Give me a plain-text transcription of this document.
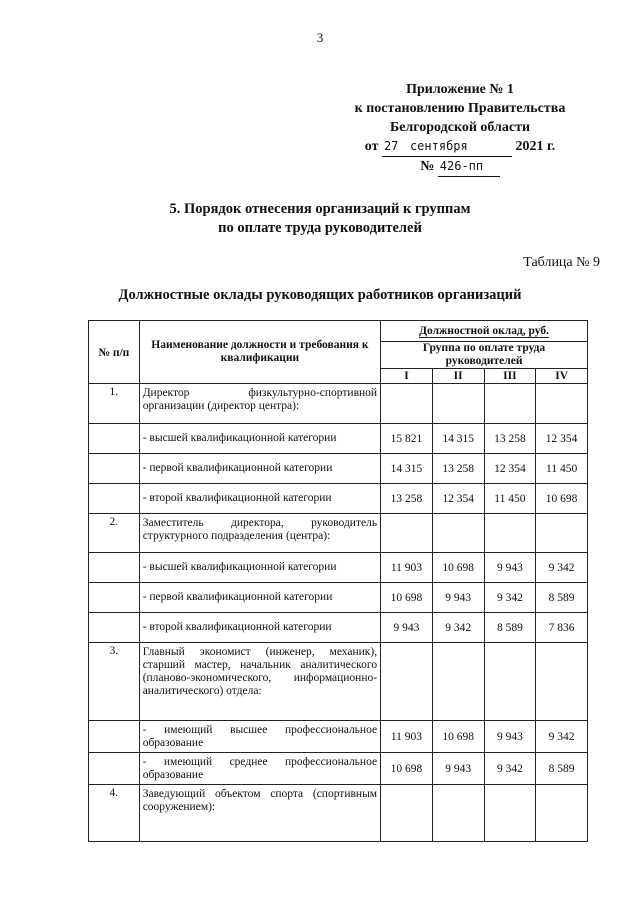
3
Приложение № 1
к постановлению Правительства
Белгородской области
от 27 сентября	2021 г.
№ 426-пп
5. Порядок отнесения организаций к группам
по оплате труда руководителей
Таблица № 9
Должностные оклады руководящих работников организаций
№ п/п	Наименование должности и требования к квалификации	Должностной оклад, руб.			
		Группа по оплате труда руководителей			
		I	II	III	IV
1.	Директор физкультурно-спортивной организации (директор центра):				
	- высшей квалификационной категории	15 821	14 315	13 258	12 354
	- первой квалификационной категории	14 315	13 258	12 354	11 450
	- второй квалификационной категории	13 258	12 354	11 450	10 698
2.	Заместитель директора, руководитель структурного подразделения (центра):				
	- высшей квалификационной категории	11 903	10 698	9 943	9 342
	- первой квалификационной категории	10 698	9 943	9 342	8 589
	- второй квалификационной категории	9 943	9 342	8 589	7 836
3.	Главный экономист (инженер, механик), старший мастер, начальник аналитического (планово-экономического, информационно-аналитического) отдела:				
	- имеющий высшее профессиональное образование	11 903	10 698	9 943	9 342
	- имеющий среднее профессиональное образование	10 698	9 943	9 342	8 589
4.	Заведующий объектом спорта (спортивным сооружением):				
